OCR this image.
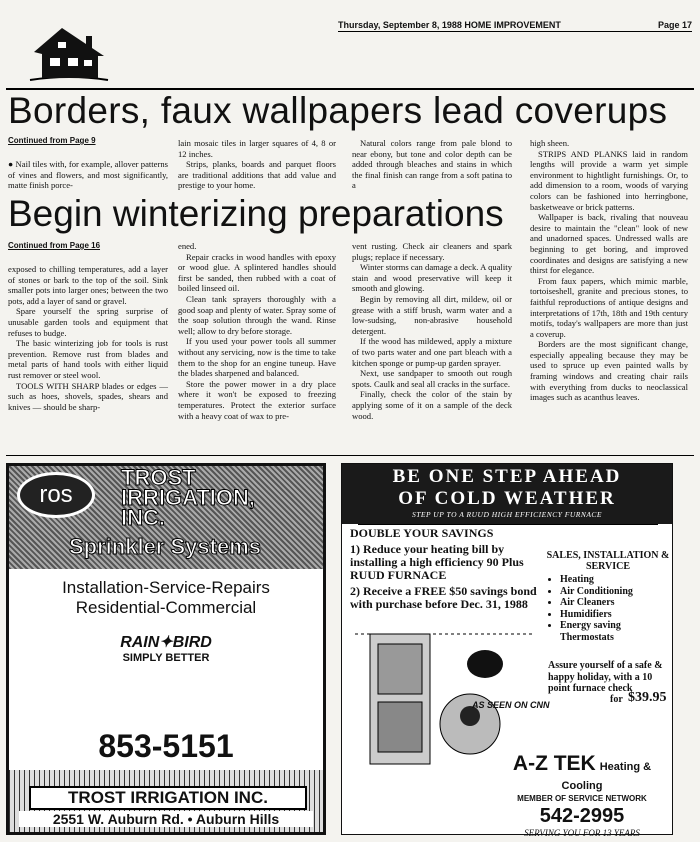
Thursday, September 8, 1988 HOME IMPROVEMENT	Page 17
Borders, faux wallpapers lead coverups
Continued from Page 9
● Nail tiles with, for example, allover patterns of vines and flowers, and most significantly, matte finish porce-

lain mosaic tiles in larger squares of 4, 8 or 12 inches.

Strips, planks, boards and parquet floors are traditional additions that add value and prestige to your home.

Natural colors range from pale blond to near ebony, but tone and color depth can be added through bleaches and stains in which the final finish can range from a soft patina to a

high sheen.

STRIPS AND PLANKS laid in random lengths will provide a warm yet simple environment to hightlight furnishings. Or, to add dimension to a room, woods of varying colors can be fashioned into herringbone, basketweave or brick patterns.

Wallpaper is back, rivaling that nouveau desire to maintain the "clean" look of new and unadorned spaces. Undressed walls are beginning to get boring, and improved coordinates and designs are satisfying a new thirst for elegance.

From faux papers, which mimic marble, tortoiseshell, granite and precious stones, to faithful reproductions of antique designs and interpretations of 17th, 18th and 19th century motifs, today's wallpapers are more than just a coverup.

Borders are the most significant change, especially appealing because they may be used to spruce up even painted walls by framing windows and creating chair rails with everything from ducks to neoclassical images such as acanthus leaves.

Begin winterizing preparations
Continued from Page 16

exposed to chilling temperatures, add a layer of stones or bark to the top of the soil. Sink smaller pots into larger ones; between the two pots, add a layer of sand or gravel.

Spare yourself the spring surprise of unusable garden tools and equipment that refuses to budge.

The basic winterizing job for tools is rust prevention. Remove rust from blades and metal parts of hand tools with either liquid rust remover or steel wool.

TOOLS WITH SHARP blades or edges — such as hoes, shovels, spades, shears and knives — should be sharp-

ened.

Repair cracks in wood handles with epoxy or wood glue. A splintered handles should first be sanded, then rubbed with a coat of boiled linseed oil.

Clean tank sprayers thoroughly with a good soap and plenty of water. Spray some of the soap solution through the wand. Rinse well; allow to dry before storage.

If you used your power tools all summer without any servicing, now is the time to take them to the shop for an engine tuneup. Have the blades sharpened and balanced.

Store the power mower in a dry place where it won't be exposed to freezing temperatures. Protect the exterior surface with a heavy coat of wax to pre-

vent rusting. Check air cleaners and spark plugs; replace if necessary.

Winter storms can damage a deck. A quality stain and wood preservative will keep it smooth and glowing.

Begin by removing all dirt, mildew, oil or grease with a stiff brush, warm water and a low-sudsing, non-abrasive household detergent.

If the wood has mildewed, apply a mixture of two parts water and one part bleach with a kitchen sponge or pump-up garden sprayer.

Next, use sandpaper to smooth out rough spots. Caulk and seal all cracks in the surface.

Finally, check the color of the stain by applying some of it on a sample of the deck wood.

ros
TROST
IRRIGATION,
INC.
Sprinkler Systems
Installation-Service-Repairs
Residential-Commercial
RAIN✦BIRD
SIMPLY BETTER
853-5151
TROST IRRIGATION INC.
2551 W. Auburn Rd. • Auburn Hills
BE ONE STEP AHEAD
OF COLD WEATHER
STEP UP TO A RUUD HIGH EFFICIENCY FURNACE
DOUBLE YOUR SAVINGS
1) Reduce your heating bill by installing a high efficiency 90 Plus RUUD FURNACE
2) Receive a FREE $50 savings bond with purchase before Dec. 31, 1988
SALES, INSTALLATION & SERVICE
• Heating
• Air Conditioning
• Air Cleaners
• Humidifiers
• Energy saving Thermostats
Assure yourself of a safe & happy holiday, with a 10 point furnace check
for $39.95
AS SEEN ON CNN
A-Z TEK Heating & Cooling
MEMBER OF SERVICE NETWORK
542-2995
SERVING YOU FOR 13 YEARS
